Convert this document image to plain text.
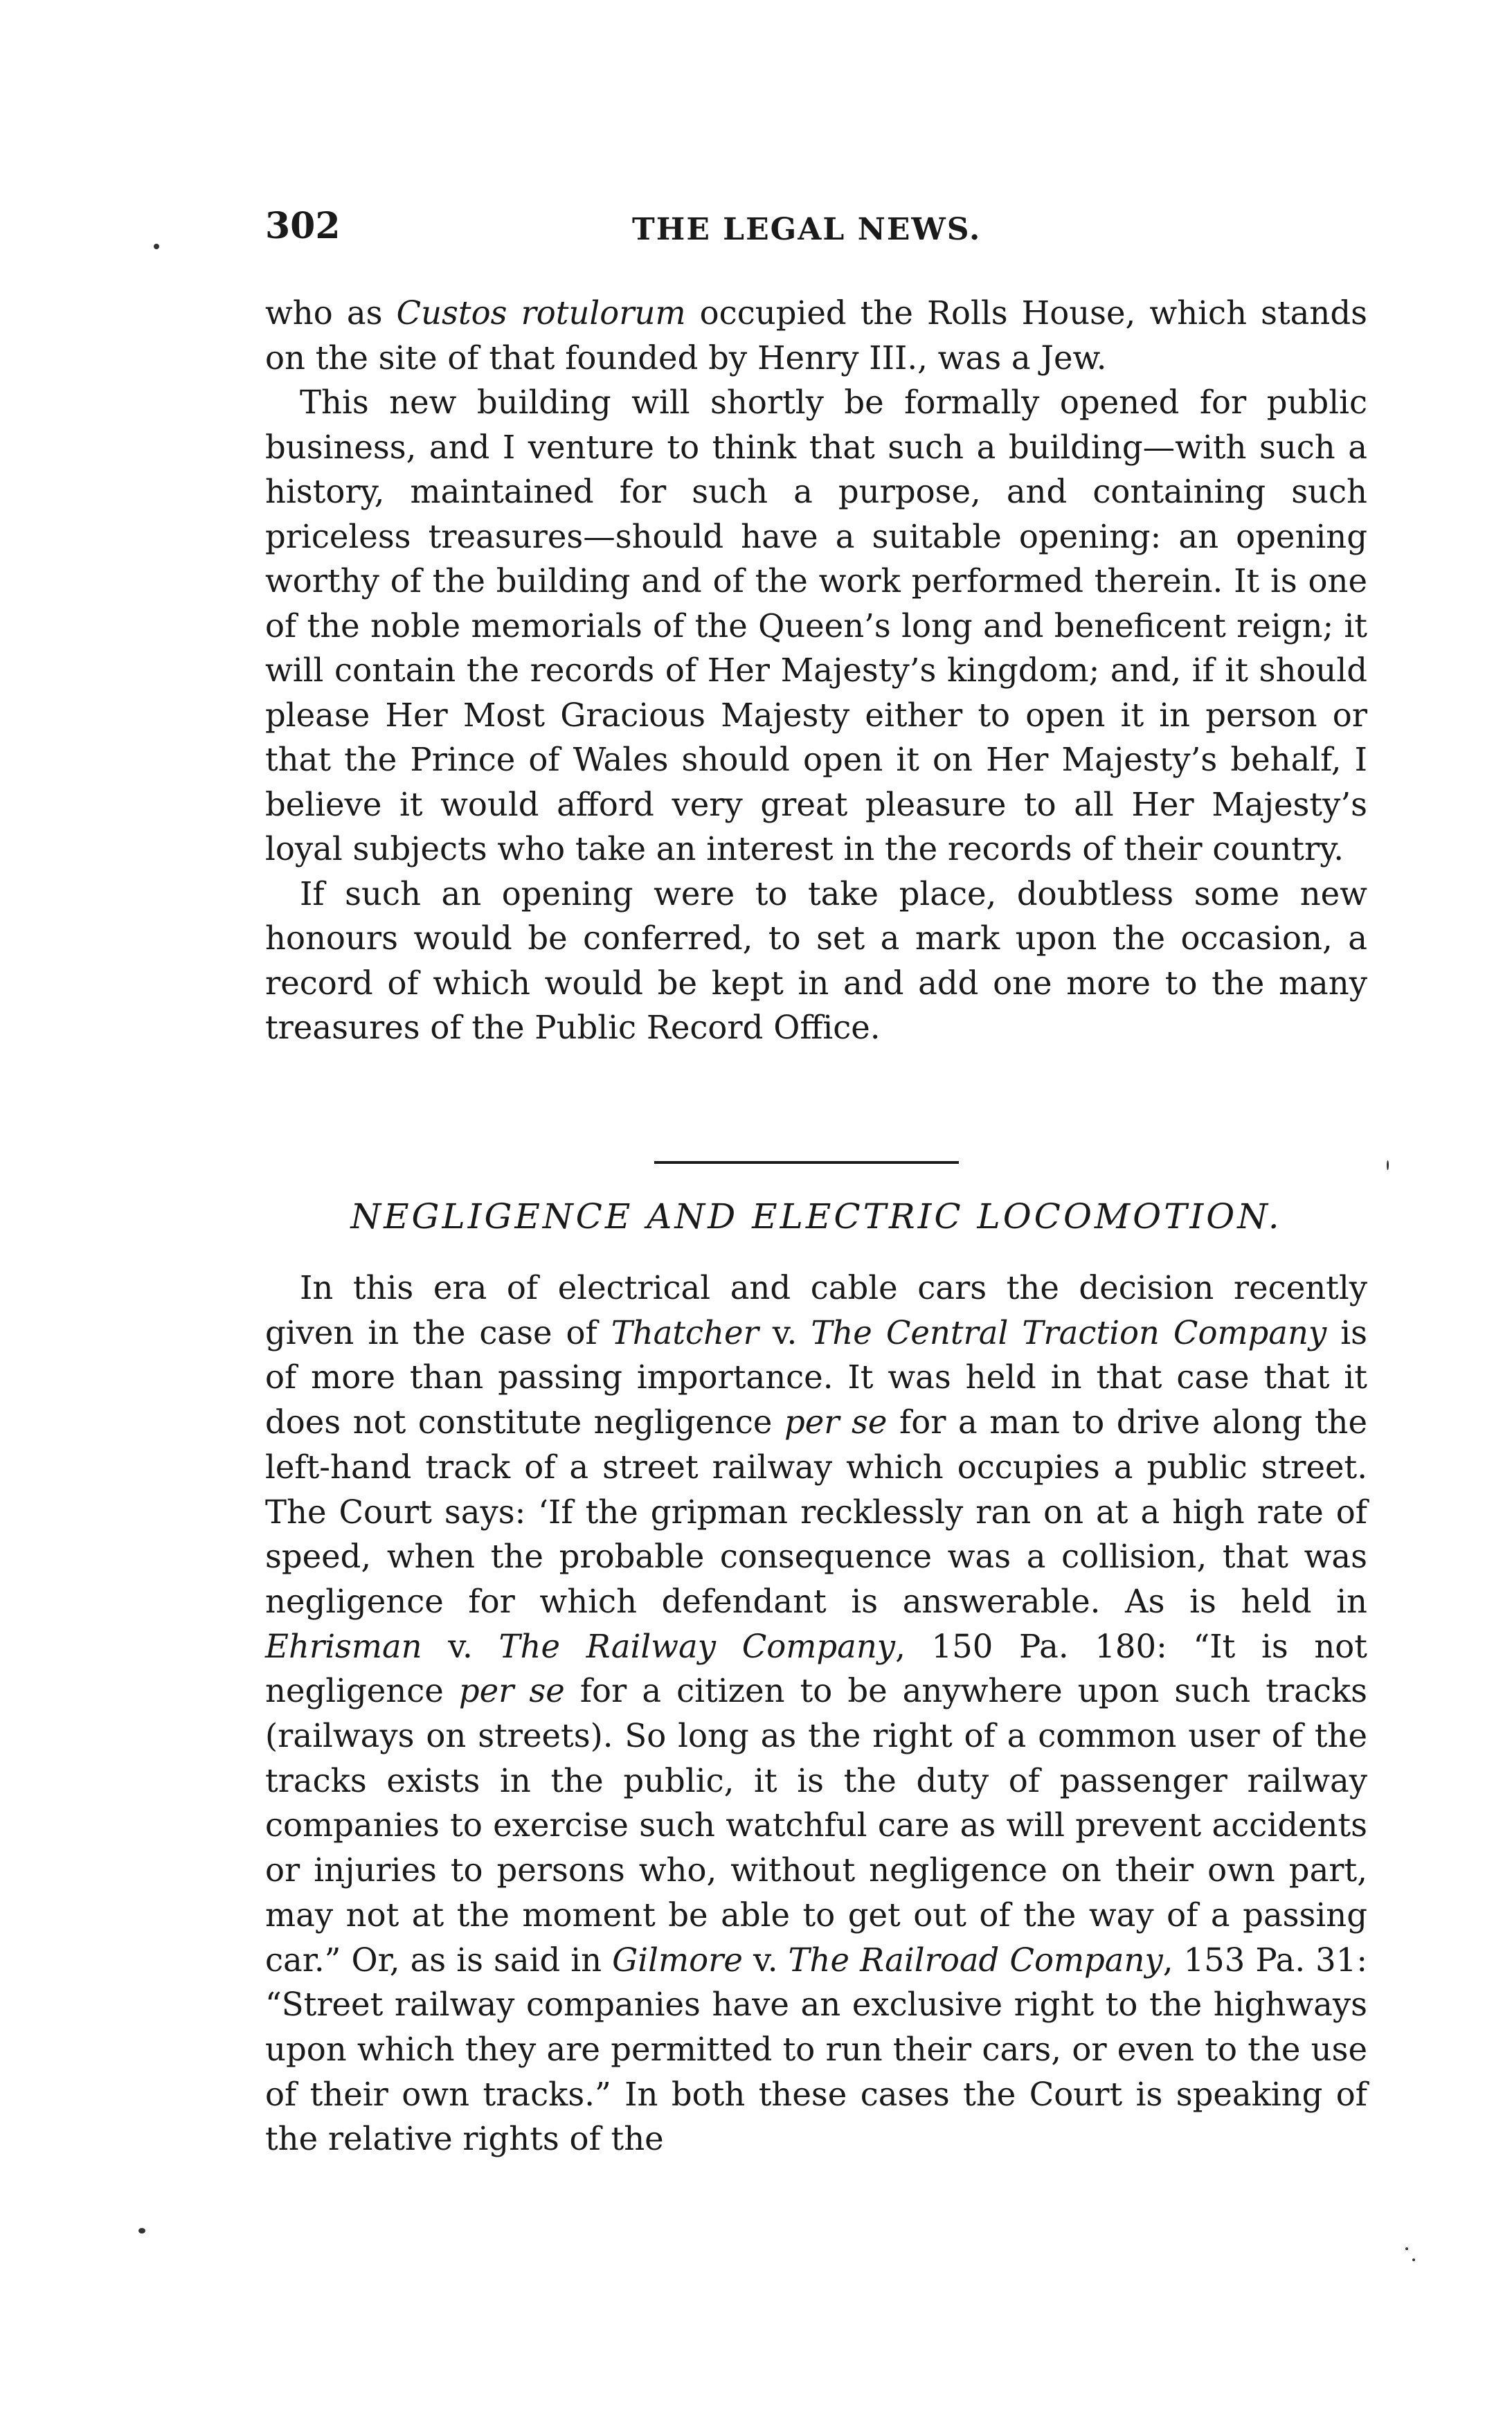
302	THE LEGAL NEWS.

who as Custos rotulorum occupied the Rolls House, which stands on the site of that founded by Henry III., was a Jew.

This new building will shortly be formally opened for public business, and I venture to think that such a building—with such a history, maintained for such a purpose, and containing such priceless treasures—should have a suitable opening: an opening worthy of the building and of the work performed therein. It is one of the noble memorials of the Queen’s long and beneficent reign; it will contain the records of Her Majesty’s kingdom; and, if it should please Her Most Gracious Majesty either to open it in person or that the Prince of Wales should open it on Her Majesty’s behalf, I believe it would afford very great pleasure to all Her Majesty’s loyal subjects who take an interest in the records of their country.

If such an opening were to take place, doubtless some new honours would be conferred, to set a mark upon the occasion, a record of which would be kept in and add one more to the many treasures of the Public Record Office.

NEGLIGENCE AND ELECTRIC LOCOMOTION.

In this era of electrical and cable cars the decision recently given in the case of Thatcher v. The Central Traction Company is of more than passing importance. It was held in that case that it does not constitute negligence per se for a man to drive along the left-hand track of a street railway which occupies a public street. The Court says: ‘If the gripman recklessly ran on at a high rate of speed, when the probable consequence was a collision, that was negligence for which defendant is answerable. As is held in Ehrisman v. The Railway Company, 150 Pa. 180: “It is not negligence per se for a citizen to be anywhere upon such tracks (railways on streets). So long as the right of a common user of the tracks exists in the public, it is the duty of passenger railway companies to exercise such watchful care as will prevent accidents or injuries to persons who, without negligence on their own part, may not at the moment be able to get out of the way of a passing car.” Or, as is said in Gilmore v. The Railroad Company, 153 Pa. 31: “Street railway companies have an exclusive right to the highways upon which they are permitted to run their cars, or even to the use of their own tracks.” In both these cases the Court is speaking of the relative rights of the
